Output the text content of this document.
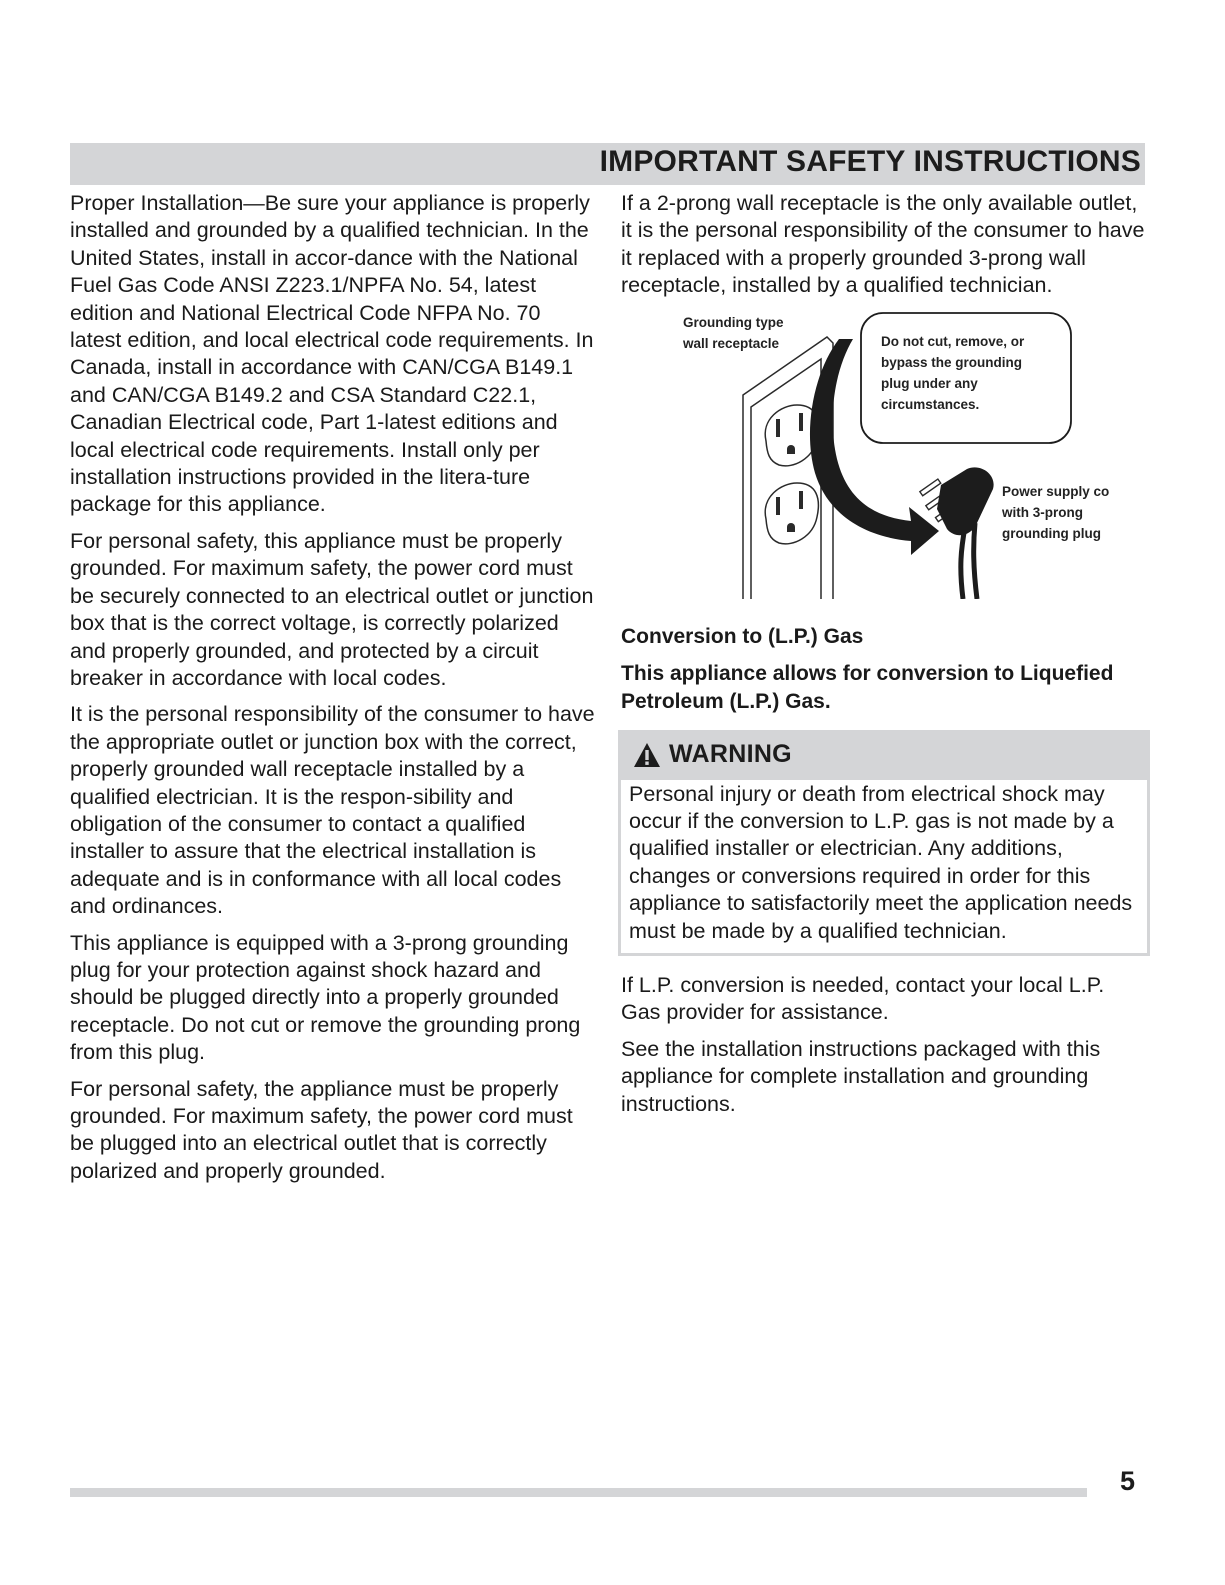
IMPORTANT SAFETY INSTRUCTIONS

Proper Installation—Be sure your appliance is properly installed and grounded by a qualified technician. In the United States, install in accor-dance with the National Fuel Gas Code ANSI Z223.1/NPFA No. 54, latest edition and National Electrical Code NFPA No. 70 latest edition, and local electrical code requirements. In Canada, install in accordance with CAN/CGA B149.1 and CAN/CGA B149.2 and CSA Standard C22.1, Canadian Electrical code, Part 1-latest editions and local electrical code requirements. Install only per installation instructions provided in the litera-ture package for this appliance.

For personal safety, this appliance must be properly grounded. For maximum safety, the power cord must be securely connected to an electrical outlet or junction box that is the correct voltage, is correctly polarized and properly grounded, and protected by a circuit breaker in accordance with local codes.

It is the personal responsibility of the consumer to have the appropriate outlet or junction box with the correct, properly grounded wall receptacle installed by a qualified electrician. It is the respon-sibility and obligation of the consumer to contact a qualified installer to assure that the electrical installation is adequate and is in conformance with all local codes and ordinances.

This appliance is equipped with a 3-prong grounding plug for your protection against shock hazard and should be plugged directly into a properly grounded receptacle. Do not cut or remove the grounding prong from this plug.

For personal safety, the appliance must be properly grounded. For maximum safety, the power cord must be plugged into an electrical outlet that is correctly polarized and properly grounded.

If a 2-prong wall receptacle is the only available outlet, it is the personal responsibility of the consumer to have it replaced with a properly grounded 3-prong wall receptacle, installed by a qualified technician.

Grounding type
wall receptacle	Do not cut, remove, or
bypass the grounding
plug under any
circumstances.
Power supply co
with 3-prong
grounding plug
Conversion to (L.P.) Gas
This appliance allows for conversion to Liquefied Petroleum (L.P.) Gas.
WARNING
Personal injury or death from electrical shock may occur if the conversion to L.P. gas is not made by a qualified installer or electrician. Any additions, changes or conversions required in order for this appliance to satisfactorily meet the application needs must be made by a qualified technician.

If L.P. conversion is needed, contact your local L.P. Gas provider for assistance.

See the installation instructions packaged with this appliance for complete installation and grounding instructions.

5
